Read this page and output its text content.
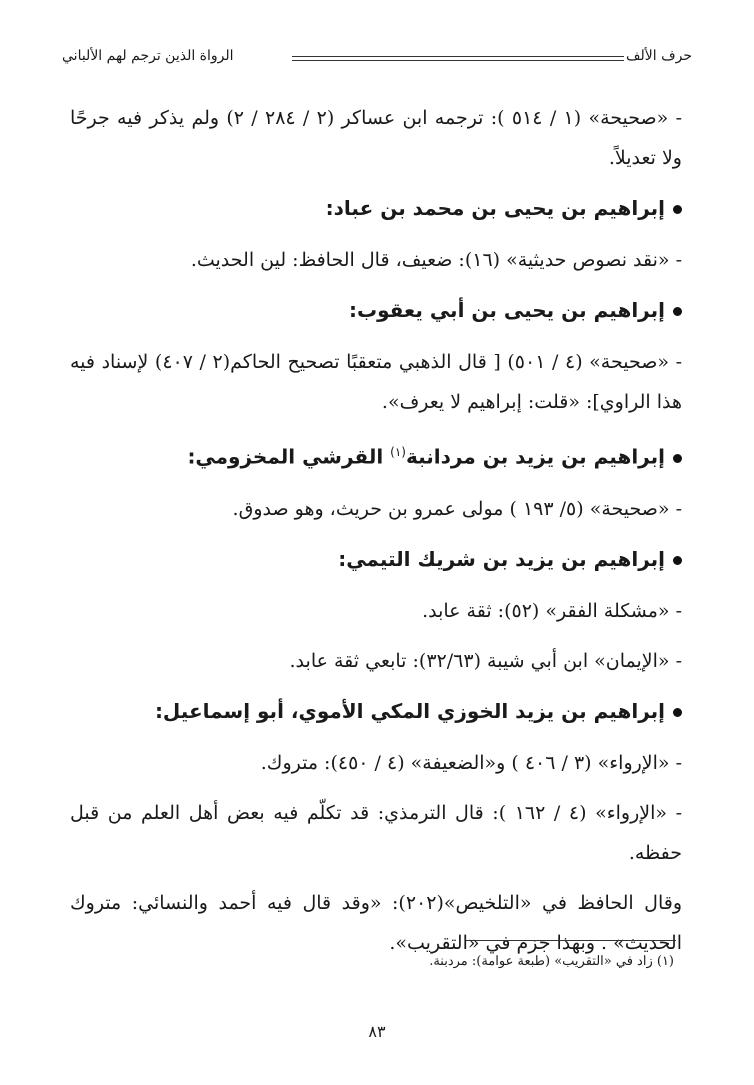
حرف الألف
الرواة الذين ترجم لهم الألباني

- «صحيحة» (١ / ٥١٤ ): ترجمه ابن عساكر (٢ / ٢٨٤ / ٢) ولم يذكر فيه جرحًا ولا تعديلاً.

إبراهيم بن يحيى بن محمد بن عباد:

- «نقد نصوص حديثية» (١٦): ضعيف، قال الحافظ: لين الحديث.

إبراهيم بن يحيى بن أبي يعقوب:

- «صحيحة» (٤ / ٥٠١) [ قال الذهبي متعقبًا تصحيح الحاكم(٢ / ٤٠٧) لإسناد فيه هذا الراوي]: «قلت: إبراهيم لا يعرف».

إبراهيم بن يزيد بن مردانبة$^{(١)}$ القرشي المخزومي:

- «صحيحة» (٥/ ١٩٣ ) مولى عمرو بن حريث، وهو صدوق.

إبراهيم بن يزيد بن شريك التيمي:

- «مشكلة الفقر» (٥٢): ثقة عابد.

- «الإيمان» ابن أبي شيبة (٣٢/٦٣): تابعي ثقة عابد.

إبراهيم بن يزيد الخوزي المكي الأموي، أبو إسماعيل:

- «الإرواء» (٣ / ٤٠٦ ) و«الضعيفة» (٤ / ٤٥٠): متروك.

- «الإرواء» (٤ / ١٦٢ ): قال الترمذي: قد تكلّم فيه بعض أهل العلم من قبل حفظه.

وقال الحافظ في «التلخيص»(٢٠٢): «وقد قال فيه أحمد والنسائي: متروك الحديث» . وبهذا جزم في «التقريب».

(١) زاد في «التقريب» (طبعة عوامة): مردبنة.
٨٣
